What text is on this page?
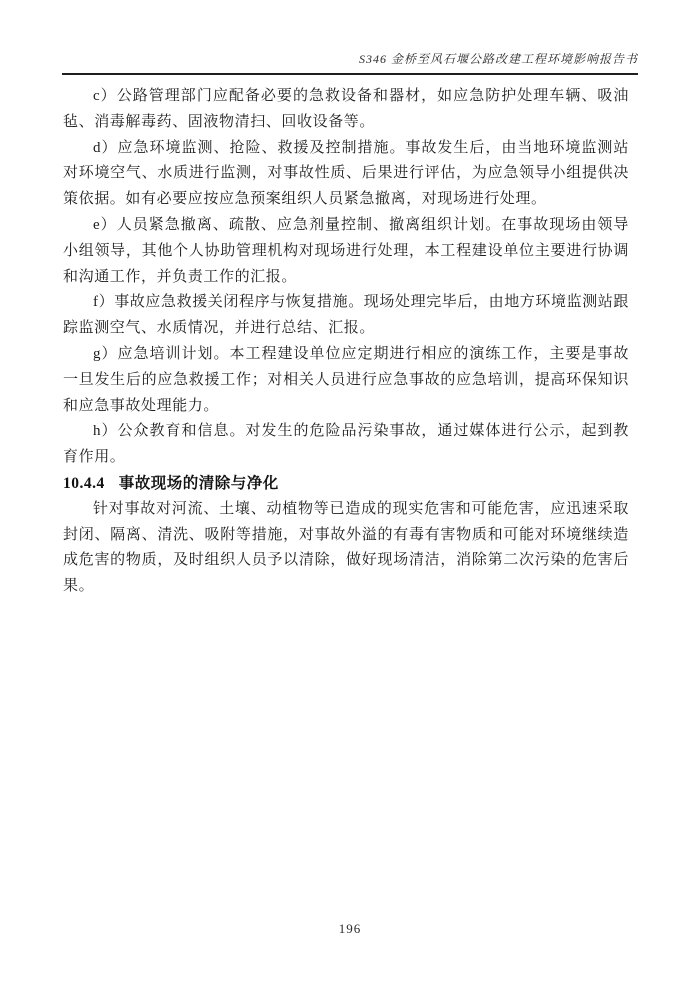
S346 金桥至风石堰公路改建工程环境影响报告书

c）公路管理部门应配备必要的急救设备和器材，如应急防护处理车辆、吸油毡、消毒解毒药、固液物清扫、回收设备等。

d）应急环境监测、抢险、救援及控制措施。事故发生后，由当地环境监测站对环境空气、水质进行监测，对事故性质、后果进行评估，为应急领导小组提供决策依据。如有必要应按应急预案组织人员紧急撤离，对现场进行处理。

e）人员紧急撤离、疏散、应急剂量控制、撤离组织计划。在事故现场由领导小组领导，其他个人协助管理机构对现场进行处理，本工程建设单位主要进行协调和沟通工作，并负责工作的汇报。

f）事故应急救援关闭程序与恢复措施。现场处理完毕后，由地方环境监测站跟踪监测空气、水质情况，并进行总结、汇报。

g）应急培训计划。本工程建设单位应定期进行相应的演练工作，主要是事故一旦发生后的应急救援工作；对相关人员进行应急事故的应急培训，提高环保知识和应急事故处理能力。

h）公众教育和信息。对发生的危险品污染事故，通过媒体进行公示，起到教育作用。

10.4.4 事故现场的清除与净化

针对事故对河流、土壤、动植物等已造成的现实危害和可能危害，应迅速采取封闭、隔离、清洗、吸附等措施，对事故外溢的有毒有害物质和可能对环境继续造成危害的物质，及时组织人员予以清除，做好现场清洁，消除第二次污染的危害后果。

196
